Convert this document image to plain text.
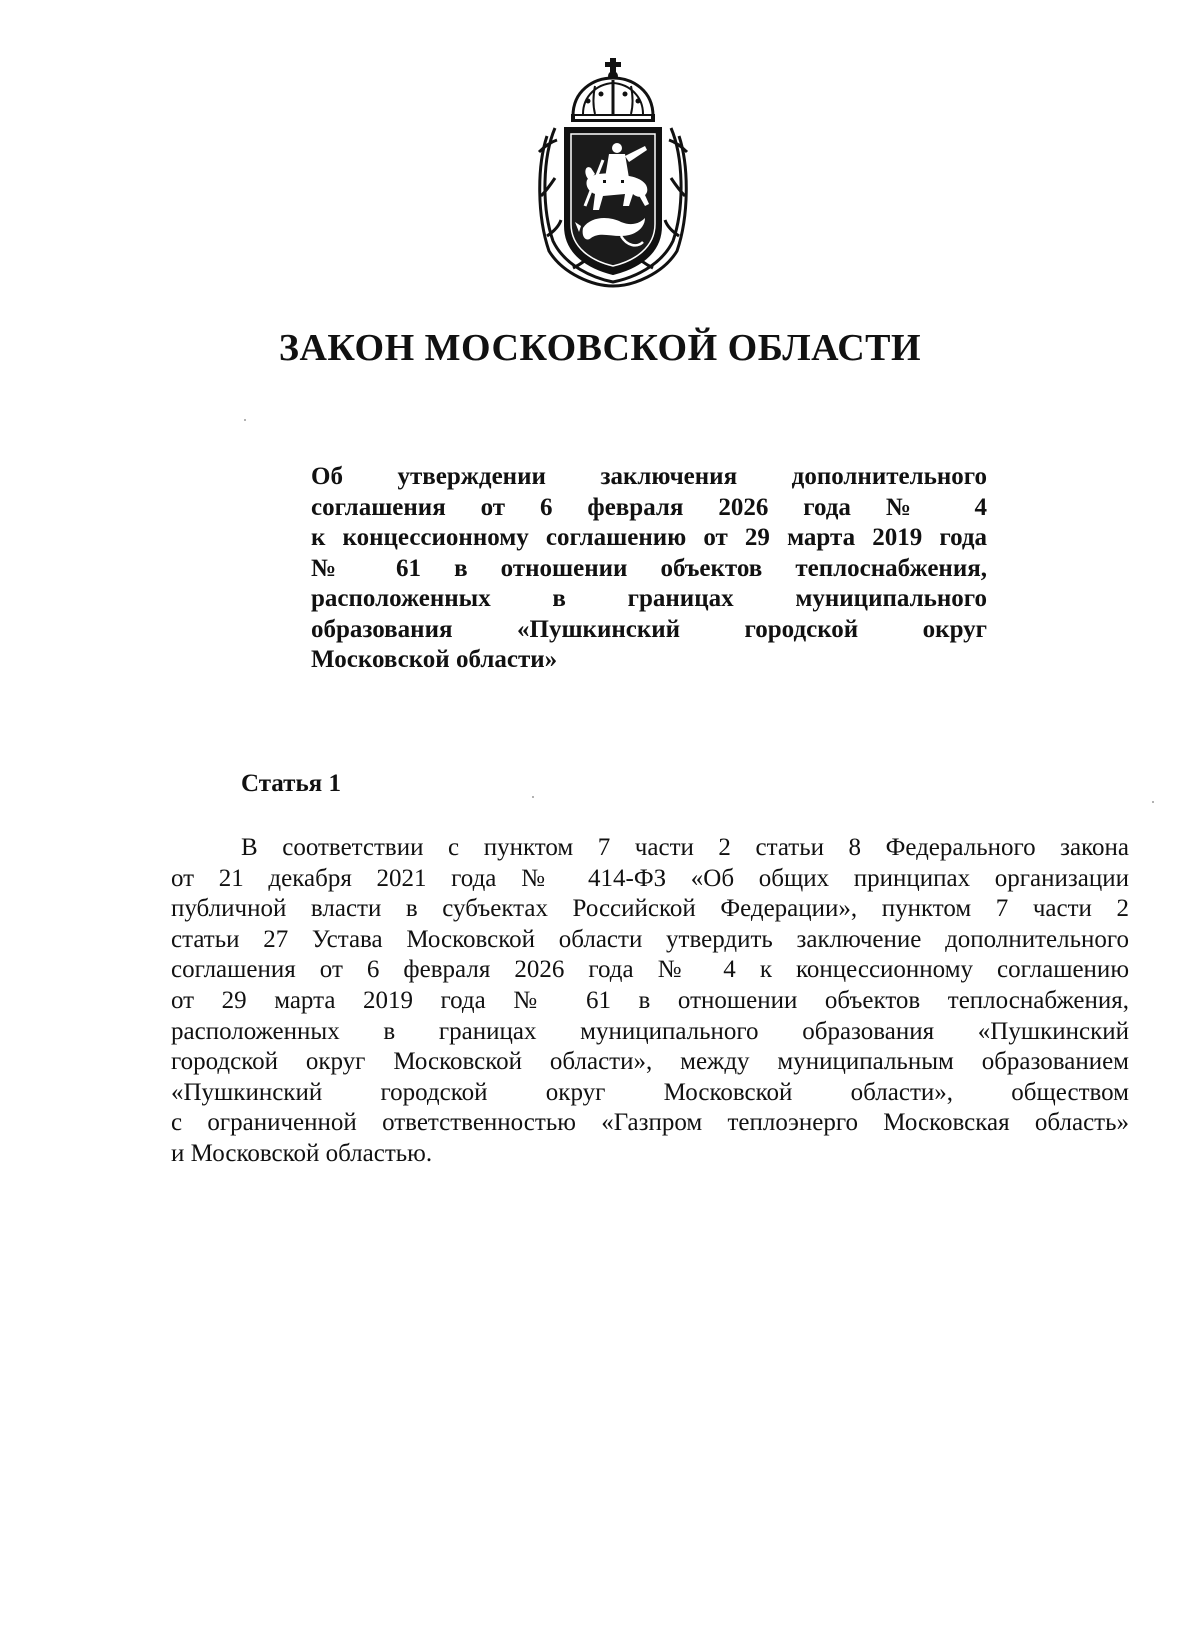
ЗАКОН МОСКОВСКОЙ ОБЛАСТИ
Об утверждении заключения дополнительного
соглашения от 6 февраля 2026 года № 4
к концессионному соглашению от 29 марта 2019 года
№ 61 в отношении объектов теплоснабжения,
расположенных в границах муниципального
образования «Пушкинский городской округ
Московской области»
Статья 1
В соответствии с пунктом 7 части 2 статьи 8 Федерального закона
от 21 декабря 2021 года № 414-ФЗ «Об общих принципах организации
публичной власти в субъектах Российской Федерации», пунктом 7 части 2
статьи 27 Устава Московской области утвердить заключение дополнительного
соглашения от 6 февраля 2026 года № 4 к концессионному соглашению
от 29 марта 2019 года № 61 в отношении объектов теплоснабжения,
расположенных в границах муниципального образования «Пушкинский
городской округ Московской области», между муниципальным образованием
«Пушкинский городской округ Московской области», обществом
с ограниченной ответственностью «Газпром теплоэнерго Московская область»
и Московской областью.
